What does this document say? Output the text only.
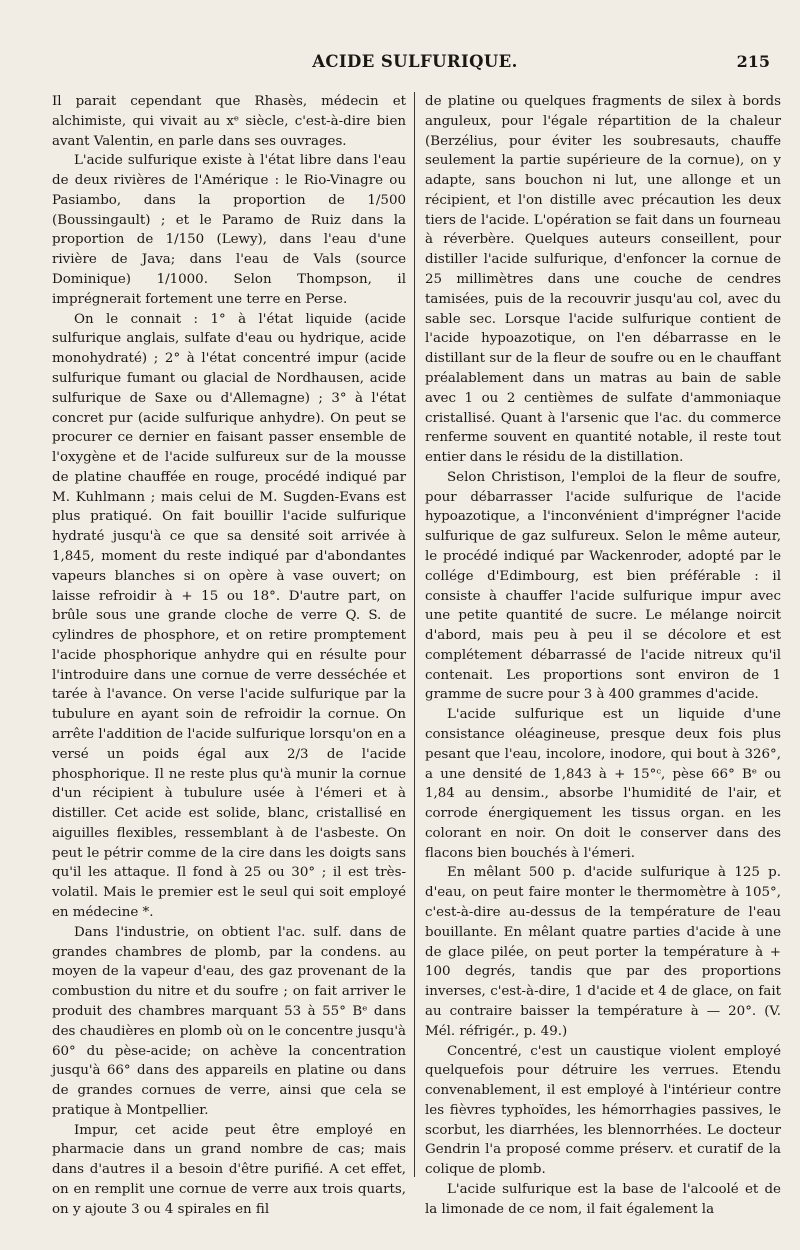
ACIDE SULFURIQUE.	215

Il parait cependant que Rhasès, médecin et alchimiste, qui vivait au xᵉ siècle, c'est-à-dire bien avant Valentin, en parle dans ses ouvrages.

L'acide sulfurique existe à l'état libre dans l'eau de deux rivières de l'Amérique : le Rio-Vinagre ou Pasiambo, dans la proportion de 1/500 (Boussingault) ; et le Paramo de Ruiz dans la proportion de 1/150 (Lewy), dans l'eau d'une rivière de Java; dans l'eau de Vals (source Dominique) 1/1000. Selon Thompson, il imprégnerait fortement une terre en Perse.

On le connait : 1° à l'état liquide (acide sulfurique anglais, sulfate d'eau ou hydrique, acide monohydraté) ; 2° à l'état concentré impur (acide sulfurique fumant ou glacial de Nordhausen, acide sulfurique de Saxe ou d'Allemagne) ; 3° à l'état concret pur (acide sulfurique anhydre). On peut se procurer ce dernier en faisant passer ensemble de l'oxygène et de l'acide sulfureux sur de la mousse de platine chauffée en rouge, procédé indiqué par M. Kuhlmann ; mais celui de M. Sugden-Evans est plus pratiqué. On fait bouillir l'acide sulfurique hydraté jusqu'à ce que sa densité soit arrivée à 1,845, moment du reste indiqué par d'abondantes vapeurs blanches si on opère à vase ouvert; on laisse refroidir à + 15 ou 18°. D'autre part, on brûle sous une grande cloche de verre Q. S. de cylindres de phosphore, et on retire promptement l'acide phosphorique anhydre qui en résulte pour l'introduire dans une cornue de verre desséchée et tarée à l'avance. On verse l'acide sulfurique par la tubulure en ayant soin de refroidir la cornue. On arrête l'addition de l'acide sulfurique lorsqu'on en a versé un poids égal aux 2/3 de l'acide phosphorique. Il ne reste plus qu'à munir la cornue d'un récipient à tubulure usée à l'émeri et à distiller. Cet acide est solide, blanc, cristallisé en aiguilles flexibles, ressemblant à de l'asbeste. On peut le pétrir comme de la cire dans les doigts sans qu'il les attaque. Il fond à 25 ou 30° ; il est très-volatil. Mais le premier est le seul qui soit employé en médecine *.

Dans l'industrie, on obtient l'ac. sulf. dans de grandes chambres de plomb, par la condens. au moyen de la vapeur d'eau, des gaz provenant de la combustion du nitre et du soufre ; on fait arriver le produit des chambres marquant 53 à 55° Bᵉ dans des chaudières en plomb où on le concentre jusqu'à 60° du pèse-acide; on achève la concentration jusqu'à 66° dans des appareils en platine ou dans de grandes cornues de verre, ainsi que cela se pratique à Montpellier.

Impur, cet acide peut être employé en pharmacie dans un grand nombre de cas; mais dans d'autres il a besoin d'être purifié. A cet effet, on en remplit une cornue de verre aux trois quarts, on y ajoute 3 ou 4 spirales en fil

de platine ou quelques fragments de silex à bords anguleux, pour l'égale répartition de la chaleur (Berzélius, pour éviter les soubresauts, chauffe seulement la partie supérieure de la cornue), on y adapte, sans bouchon ni lut, une allonge et un récipient, et l'on distille avec précaution les deux tiers de l'acide. L'opération se fait dans un fourneau à réverbère. Quelques auteurs conseillent, pour distiller l'acide sulfurique, d'enfoncer la cornue de 25 millimètres dans une couche de cendres tamisées, puis de la recouvrir jusqu'au col, avec du sable sec. Lorsque l'acide sulfurique contient de l'acide hypoazotique, on l'en débarrasse en le distillant sur de la fleur de soufre ou en le chauffant préalablement dans un matras au bain de sable avec 1 ou 2 centièmes de sulfate d'ammoniaque cristallisé. Quant à l'arsenic que l'ac. du commerce renferme souvent en quantité notable, il reste tout entier dans le résidu de la distillation.

Selon Christison, l'emploi de la fleur de soufre, pour débarrasser l'acide sulfurique de l'acide hypoazotique, a l'inconvénient d'imprégner l'acide sulfurique de gaz sulfureux. Selon le même auteur, le procédé indiqué par Wackenroder, adopté par le collége d'Edimbourg, est bien préférable : il consiste à chauffer l'acide sulfurique impur avec une petite quantité de sucre. Le mélange noircit d'abord, mais peu à peu il se décolore et est complétement débarrassé de l'acide nitreux qu'il contenait. Les proportions sont environ de 1 gramme de sucre pour 3 à 400 grammes d'acide.

L'acide sulfurique est un liquide d'une consistance oléagineuse, presque deux fois plus pesant que l'eau, incolore, inodore, qui bout à 326°, a une densité de 1,843 à + 15°ᶜ, pèse 66° Bᵉ ou 1,84 au densim., absorbe l'humidité de l'air, et corrode énergiquement les tissus organ. en les colorant en noir. On doit le conserver dans des flacons bien bouchés à l'émeri.

En mêlant 500 p. d'acide sulfurique à 125 p. d'eau, on peut faire monter le thermomètre à 105°, c'est-à-dire au-dessus de la température de l'eau bouillante. En mêlant quatre parties d'acide à une de glace pilée, on peut porter la température à + 100 degrés, tandis que par des proportions inverses, c'est-à-dire, 1 d'acide et 4 de glace, on fait au contraire baisser la température à — 20°. (V. Mél. réfrigér., p. 49.)

Concentré, c'est un caustique violent employé quelquefois pour détruire les verrues. Etendu convenablement, il est employé à l'intérieur contre les fièvres typhoïdes, les hémorrhagies passives, le scorbut, les diarrhées, les blennorrhées. Le docteur Gendrin l'a proposé comme préserv. et curatif de la colique de plomb.

L'acide sulfurique est la base de l'alcoolé et de la limonade de ce nom, il fait également la
